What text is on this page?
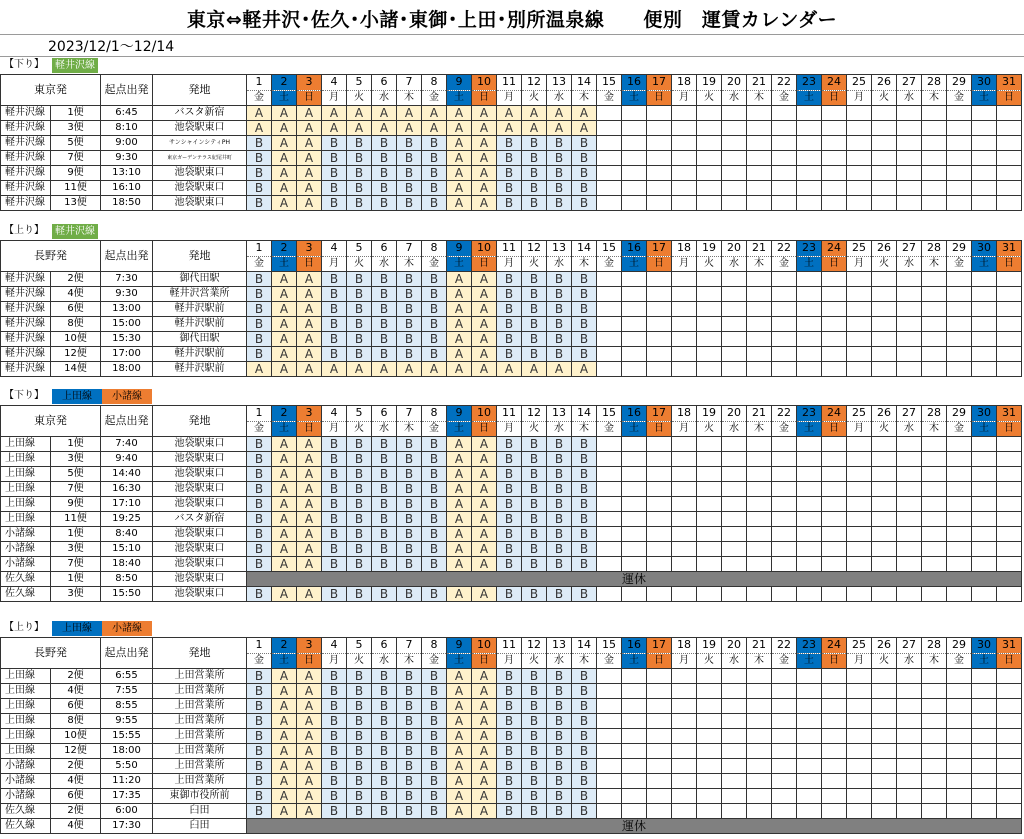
東京⇔軽井沢･佐久･小諸･東御･上田･別所温泉線　　便別　運賃カレンダー
2023/12/1～12/14
【下り】	軽井沢線
東京発		起点出発	発地	1	2	3	4	5	6	7	8	9	10	11	12	13	14	15	16	17	18	19	20	21	22	23	24	25	26	27	28	29	30	31
				金	土	日	月	火	水	木	金	土	日	月	火	水	木	金	土	日	月	火	水	木	金	土	日	月	火	水	木	金	土	日
軽井沢線	1便	6:45	バスタ新宿	A	A	A	A	A	A	A	A	A	A	A	A	A	A																	
軽井沢線	3便	8:10	池袋駅東口	A	A	A	A	A	A	A	A	A	A	A	A	A	A																	
軽井沢線	5便	9:00	サンシャインシティPH	B	A	A	B	B	B	B	B	A	A	B	B	B	B																	
軽井沢線	7便	9:30	東京ガーデンテラス紀尾井町	B	A	A	B	B	B	B	B	A	A	B	B	B	B																	
軽井沢線	9便	13:10	池袋駅東口	B	A	A	B	B	B	B	B	A	A	B	B	B	B																	
軽井沢線	11便	16:10	池袋駅東口	B	A	A	B	B	B	B	B	A	A	B	B	B	B																	
軽井沢線	13便	18:50	池袋駅東口	B	A	A	B	B	B	B	B	A	A	B	B	B	B																	
【上り】	軽井沢線
長野発		起点出発	発地	1	2	3	4	5	6	7	8	9	10	11	12	13	14	15	16	17	18	19	20	21	22	23	24	25	26	27	28	29	30	31
				金	土	日	月	火	水	木	金	土	日	月	火	水	木	金	土	日	月	火	水	木	金	土	日	月	火	水	木	金	土	日
軽井沢線	2便	7:30	御代田駅	B	A	A	B	B	B	B	B	A	A	B	B	B	B																	
軽井沢線	4便	9:30	軽井沢営業所	B	A	A	B	B	B	B	B	A	A	B	B	B	B																	
軽井沢線	6便	13:00	軽井沢駅前	B	A	A	B	B	B	B	B	A	A	B	B	B	B																	
軽井沢線	8便	15:00	軽井沢駅前	B	A	A	B	B	B	B	B	A	A	B	B	B	B																	
軽井沢線	10便	15:30	御代田駅	B	A	A	B	B	B	B	B	A	A	B	B	B	B																	
軽井沢線	12便	17:00	軽井沢駅前	B	A	A	B	B	B	B	B	A	A	B	B	B	B																	
軽井沢線	14便	18:00	軽井沢駅前	A	A	A	A	A	A	A	A	A	A	A	A	A	A																	
【下り】	上田線	小諸線
東京発		起点出発	発地	1	2	3	4	5	6	7	8	9	10	11	12	13	14	15	16	17	18	19	20	21	22	23	24	25	26	27	28	29	30	31
				金	土	日	月	火	水	木	金	土	日	月	火	水	木	金	土	日	月	火	水	木	金	土	日	月	火	水	木	金	土	日
上田線	1便	7:40	池袋駅東口	B	A	A	B	B	B	B	B	A	A	B	B	B	B																	
上田線	3便	9:40	池袋駅東口	B	A	A	B	B	B	B	B	A	A	B	B	B	B																	
上田線	5便	14:40	池袋駅東口	B	A	A	B	B	B	B	B	A	A	B	B	B	B																	
上田線	7便	16:30	池袋駅東口	B	A	A	B	B	B	B	B	A	A	B	B	B	B																	
上田線	9便	17:10	池袋駅東口	B	A	A	B	B	B	B	B	A	A	B	B	B	B																	
上田線	11便	19:25	バスタ新宿	B	A	A	B	B	B	B	B	A	A	B	B	B	B																	
小諸線	1便	8:40	池袋駅東口	B	A	A	B	B	B	B	B	A	A	B	B	B	B																	
小諸線	3便	15:10	池袋駅東口	B	A	A	B	B	B	B	B	A	A	B	B	B	B																	
小諸線	7便	18:40	池袋駅東口	B	A	A	B	B	B	B	B	A	A	B	B	B	B																	
佐久線	1便	8:50	池袋駅東口	運休																														
佐久線	3便	15:50	池袋駅東口	B	A	A	B	B	B	B	B	A	A	B	B	B	B																	
【上り】	上田線	小諸線
長野発		起点出発	発地	1	2	3	4	5	6	7	8	9	10	11	12	13	14	15	16	17	18	19	20	21	22	23	24	25	26	27	28	29	30	31
				金	土	日	月	火	水	木	金	土	日	月	火	水	木	金	土	日	月	火	水	木	金	土	日	月	火	水	木	金	土	日
上田線	2便	6:55	上田営業所	B	A	A	B	B	B	B	B	A	A	B	B	B	B																	
上田線	4便	7:55	上田営業所	B	A	A	B	B	B	B	B	A	A	B	B	B	B																	
上田線	6便	8:55	上田営業所	B	A	A	B	B	B	B	B	A	A	B	B	B	B																	
上田線	8便	9:55	上田営業所	B	A	A	B	B	B	B	B	A	A	B	B	B	B																	
上田線	10便	15:55	上田営業所	B	A	A	B	B	B	B	B	A	A	B	B	B	B																	
上田線	12便	18:00	上田営業所	B	A	A	B	B	B	B	B	A	A	B	B	B	B																	
小諸線	2便	5:50	上田営業所	B	A	A	B	B	B	B	B	A	A	B	B	B	B																	
小諸線	4便	11:20	上田営業所	B	A	A	B	B	B	B	B	A	A	B	B	B	B																	
小諸線	6便	17:35	東御市役所前	B	A	A	B	B	B	B	B	A	A	B	B	B	B																	
佐久線	2便	6:00	臼田	B	A	A	B	B	B	B	B	A	A	B	B	B	B																	
佐久線	4便	17:30	臼田	運休																														
